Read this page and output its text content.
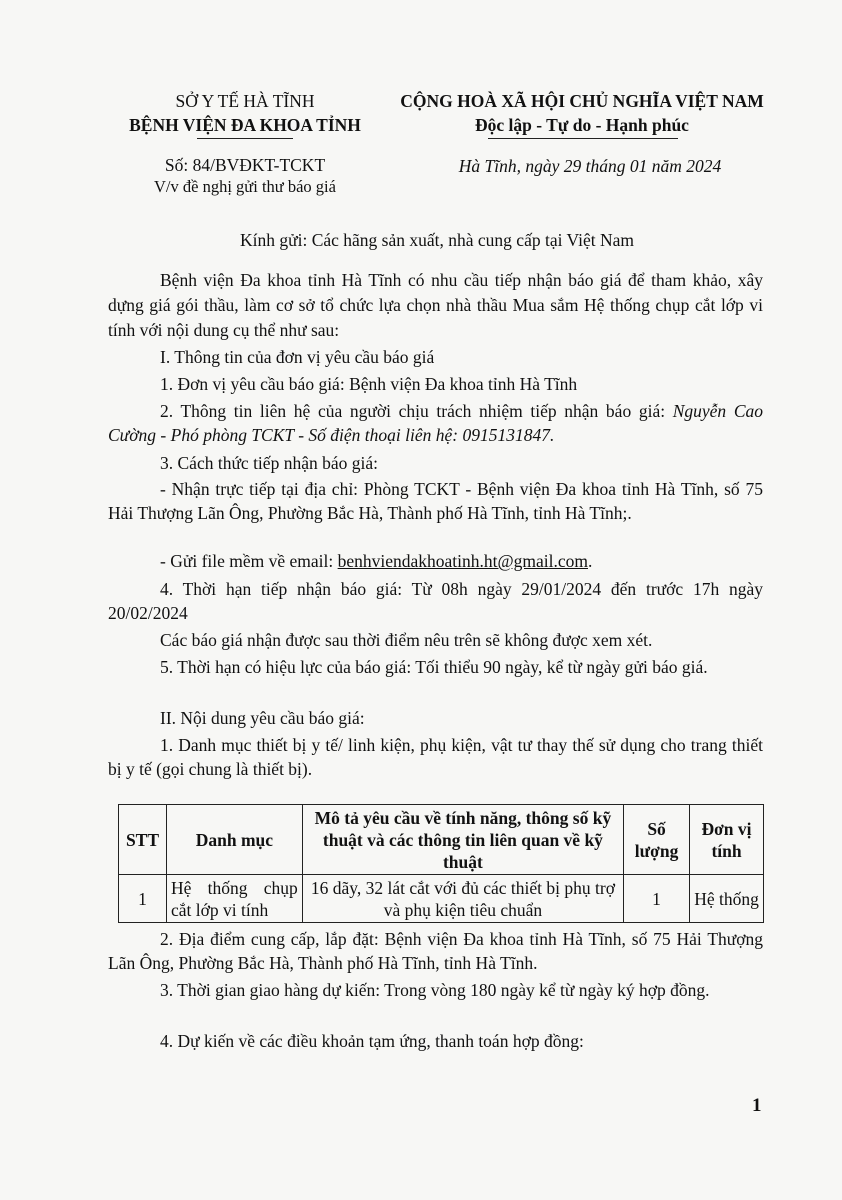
SỞ Y TẾ HÀ TĨNH
BỆNH VIỆN ĐA KHOA TỈNH
CỘNG HOÀ XÃ HỘI CHỦ NGHĨA VIỆT NAM
Độc lập - Tự do - Hạnh phúc
Số: 84/BVĐKT-TCKT
V/v đề nghị gửi thư báo giá
Hà Tĩnh, ngày 29 tháng 01 năm 2024
Kính gửi: Các hãng sản xuất, nhà cung cấp tại Việt Nam
Bệnh viện Đa khoa tỉnh Hà Tĩnh có nhu cầu tiếp nhận báo giá để tham khảo, xây dựng giá gói thầu, làm cơ sở tổ chức lựa chọn nhà thầu Mua sắm Hệ thống chụp cắt lớp vi tính với nội dung cụ thể như sau:
I. Thông tin của đơn vị yêu cầu báo giá
1. Đơn vị yêu cầu báo giá: Bệnh viện Đa khoa tỉnh Hà Tĩnh
2. Thông tin liên hệ của người chịu trách nhiệm tiếp nhận báo giá: Nguyễn Cao Cường - Phó phòng TCKT - Số điện thoại liên hệ: 0915131847.
3. Cách thức tiếp nhận báo giá:
- Nhận trực tiếp tại địa chỉ: Phòng TCKT - Bệnh viện Đa khoa tỉnh Hà Tĩnh, số 75 Hải Thượng Lãn Ông, Phường Bắc Hà, Thành phố Hà Tĩnh, tỉnh Hà Tĩnh;.
- Gửi file mềm về email: benhviendakhoatinh.ht@gmail.com.
4. Thời hạn tiếp nhận báo giá: Từ 08h ngày 29/01/2024 đến trước 17h ngày 20/02/2024
Các báo giá nhận được sau thời điểm nêu trên sẽ không được xem xét.
5. Thời hạn có hiệu lực của báo giá: Tối thiểu 90 ngày, kể từ ngày gửi báo giá.
II. Nội dung yêu cầu báo giá:
1. Danh mục thiết bị y tế/ linh kiện, phụ kiện, vật tư thay thế sử dụng cho trang thiết bị y tế (gọi chung là thiết bị).
STT	Danh mục	Mô tả yêu cầu về tính năng, thông số kỹ thuật và các thông tin liên quan về kỹ thuật	Số lượng	Đơn vị tính
1	Hệ thống chụp cắt lớp vi tính	16 dãy, 32 lát cắt với đủ các thiết bị phụ trợ và phụ kiện tiêu chuẩn	1	Hệ thống
2. Địa điểm cung cấp, lắp đặt: Bệnh viện Đa khoa tỉnh Hà Tĩnh, số 75 Hải Thượng Lãn Ông, Phường Bắc Hà, Thành phố Hà Tĩnh, tỉnh Hà Tĩnh.
3. Thời gian giao hàng dự kiến: Trong vòng 180 ngày kể từ ngày ký hợp đồng.
4. Dự kiến về các điều khoản tạm ứng, thanh toán hợp đồng:
1
